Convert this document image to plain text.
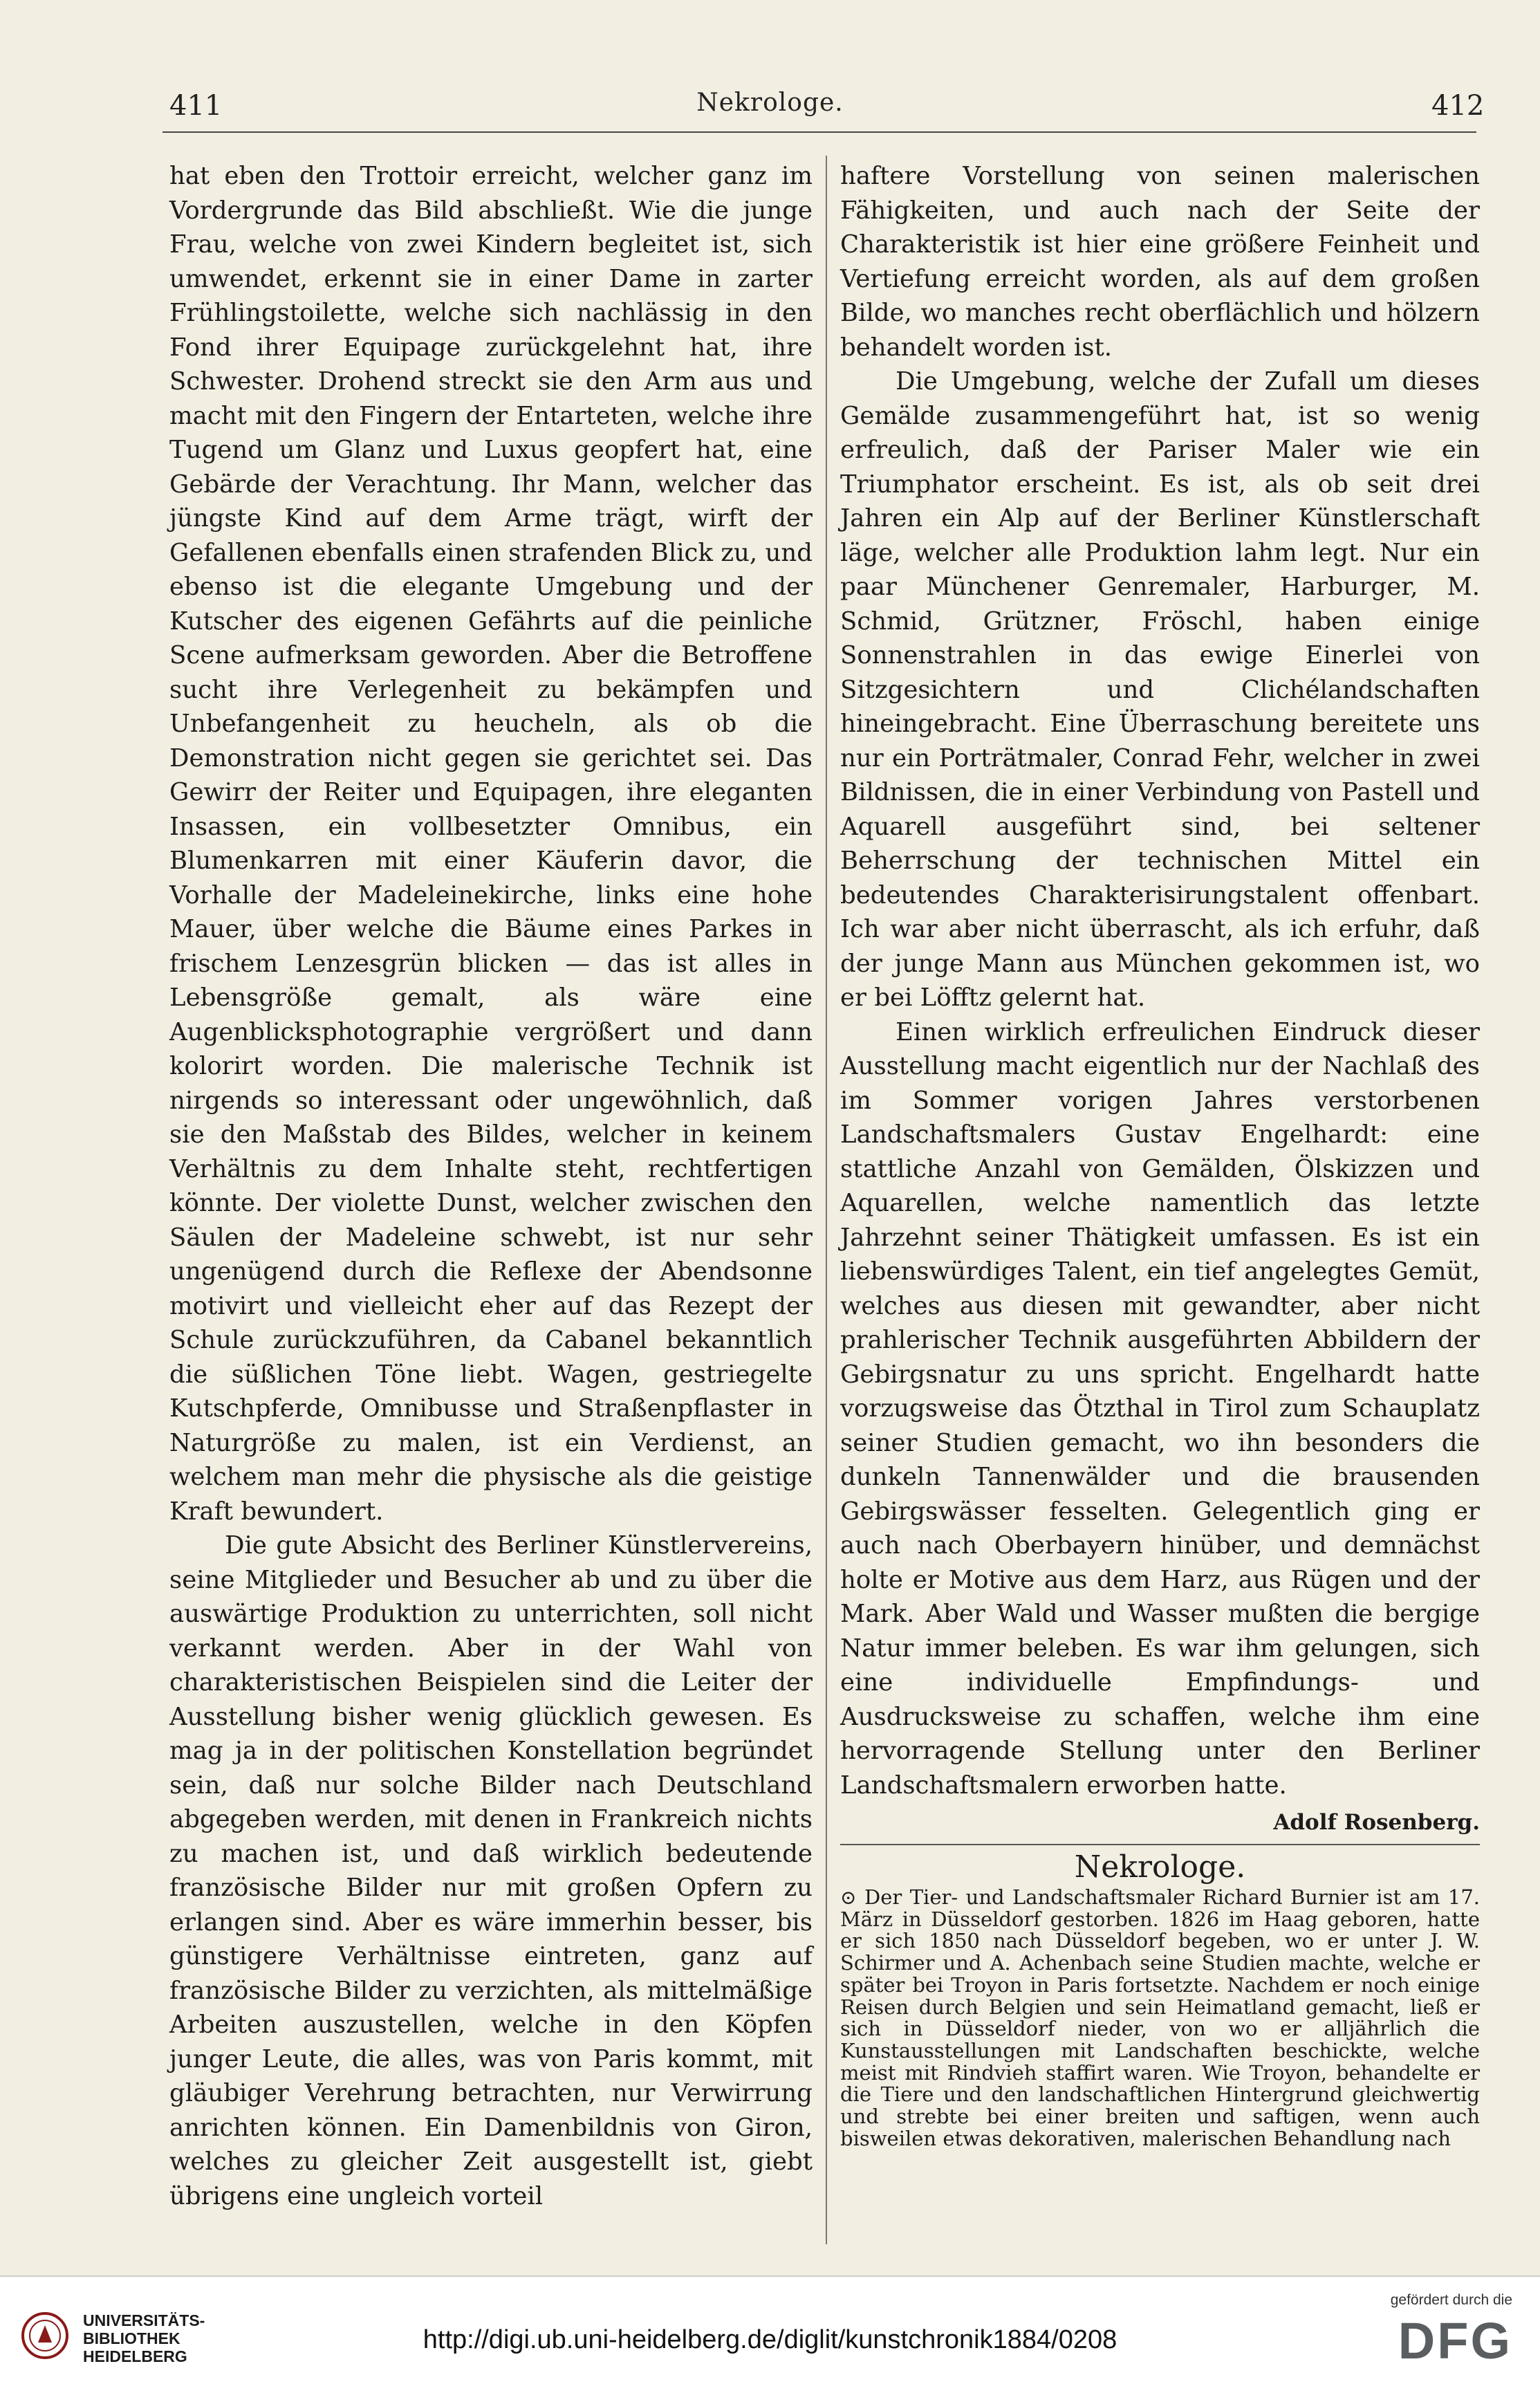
411	Nekrologe.	412

hat eben den Trottoir erreicht, welcher ganz im Vordergrunde das Bild abschließt. Wie die junge Frau, welche von zwei Kindern begleitet ist, sich umwendet, erkennt sie in einer Dame in zarter Frühlingstoilette, welche sich nachlässig in den Fond ihrer Equipage zurückgelehnt hat, ihre Schwester. Drohend streckt sie den Arm aus und macht mit den Fingern der Entarteten, welche ihre Tugend um Glanz und Luxus geopfert hat, eine Gebärde der Verachtung. Ihr Mann, welcher das jüngste Kind auf dem Arme trägt, wirft der Gefallenen ebenfalls einen strafenden Blick zu, und ebenso ist die elegante Umgebung und der Kutscher des eigenen Gefährts auf die peinliche Scene aufmerksam geworden. Aber die Betroffene sucht ihre Verlegenheit zu bekämpfen und Unbefangenheit zu heucheln, als ob die Demonstration nicht gegen sie gerichtet sei. Das Gewirr der Reiter und Equipagen, ihre eleganten Insassen, ein vollbesetzter Omnibus, ein Blumenkarren mit einer Käuferin davor, die Vorhalle der Madeleinekirche, links eine hohe Mauer, über welche die Bäume eines Parkes in frischem Lenzesgrün blicken — das ist alles in Lebensgröße gemalt, als wäre eine Augenblicksphotographie vergrößert und dann kolorirt worden. Die malerische Technik ist nirgends so interessant oder ungewöhnlich, daß sie den Maßstab des Bildes, welcher in keinem Verhältnis zu dem Inhalte steht, rechtfertigen könnte. Der violette Dunst, welcher zwischen den Säulen der Madeleine schwebt, ist nur sehr ungenügend durch die Reflexe der Abendsonne motivirt und vielleicht eher auf das Rezept der Schule zurückzuführen, da Cabanel bekanntlich die süßlichen Töne liebt. Wagen, gestriegelte Kutschpferde, Omnibusse und Straßenpflaster in Naturgröße zu malen, ist ein Verdienst, an welchem man mehr die physische als die geistige Kraft bewundert.

Die gute Absicht des Berliner Künstlervereins, seine Mitglieder und Besucher ab und zu über die auswärtige Produktion zu unterrichten, soll nicht verkannt werden. Aber in der Wahl von charakteristischen Beispielen sind die Leiter der Ausstellung bisher wenig glücklich gewesen. Es mag ja in der politischen Konstellation begründet sein, daß nur solche Bilder nach Deutschland abgegeben werden, mit denen in Frankreich nichts zu machen ist, und daß wirklich bedeutende französische Bilder nur mit großen Opfern zu erlangen sind. Aber es wäre immerhin besser, bis günstigere Verhältnisse eintreten, ganz auf französische Bilder zu verzichten, als mittelmäßige Arbeiten auszustellen, welche in den Köpfen junger Leute, die alles, was von Paris kommt, mit gläubiger Verehrung betrachten, nur Verwirrung anrichten können. Ein Damenbildnis von Giron, welches zu gleicher Zeit ausgestellt ist, giebt übrigens eine ungleich vorteil

haftere Vorstellung von seinen malerischen Fähigkeiten, und auch nach der Seite der Charakteristik ist hier eine größere Feinheit und Vertiefung erreicht worden, als auf dem großen Bilde, wo manches recht oberflächlich und hölzern behandelt worden ist.

Die Umgebung, welche der Zufall um dieses Gemälde zusammengeführt hat, ist so wenig erfreulich, daß der Pariser Maler wie ein Triumphator erscheint. Es ist, als ob seit drei Jahren ein Alp auf der Berliner Künstlerschaft läge, welcher alle Produktion lahm legt. Nur ein paar Münchener Genremaler, Harburger, M. Schmid, Grützner, Fröschl, haben einige Sonnenstrahlen in das ewige Einerlei von Sitzgesichtern und Clichélandschaften hineingebracht. Eine Überraschung bereitete uns nur ein Porträtmaler, Conrad Fehr, welcher in zwei Bildnissen, die in einer Verbindung von Pastell und Aquarell ausgeführt sind, bei seltener Beherrschung der technischen Mittel ein bedeutendes Charakterisirungstalent offenbart. Ich war aber nicht überrascht, als ich erfuhr, daß der junge Mann aus München gekommen ist, wo er bei Löfftz gelernt hat.

Einen wirklich erfreulichen Eindruck dieser Ausstellung macht eigentlich nur der Nachlaß des im Sommer vorigen Jahres verstorbenen Landschaftsmalers Gustav Engelhardt: eine stattliche Anzahl von Gemälden, Ölskizzen und Aquarellen, welche namentlich das letzte Jahrzehnt seiner Thätigkeit umfassen. Es ist ein liebenswürdiges Talent, ein tief angelegtes Gemüt, welches aus diesen mit gewandter, aber nicht prahlerischer Technik ausgeführten Abbildern der Gebirgsnatur zu uns spricht. Engelhardt hatte vorzugsweise das Ötzthal in Tirol zum Schauplatz seiner Studien gemacht, wo ihn besonders die dunkeln Tannenwälder und die brausenden Gebirgswässer fesselten. Gelegentlich ging er auch nach Oberbayern hinüber, und demnächst holte er Motive aus dem Harz, aus Rügen und der Mark. Aber Wald und Wasser mußten die bergige Natur immer beleben. Es war ihm gelungen, sich eine individuelle Empfindungs- und Ausdrucksweise zu schaffen, welche ihm eine hervorragende Stellung unter den Berliner Landschaftsmalern erworben hatte.

Adolf Rosenberg.
Nekrologe.

⊙ Der Tier- und Landschaftsmaler Richard Burnier ist am 17. März in Düsseldorf gestorben. 1826 im Haag geboren, hatte er sich 1850 nach Düsseldorf begeben, wo er unter J. W. Schirmer und A. Achenbach seine Studien machte, welche er später bei Troyon in Paris fortsetzte. Nachdem er noch einige Reisen durch Belgien und sein Heimatland gemacht, ließ er sich in Düsseldorf nieder, von wo er alljährlich die Kunstausstellungen mit Landschaften beschickte, welche meist mit Rindvieh staffirt waren. Wie Troyon, behandelte er die Tiere und den landschaftlichen Hintergrund gleichwertig und strebte bei einer breiten und saftigen, wenn auch bisweilen etwas dekorativen, malerischen Behandlung nach

UNIVERSITÄTS-
BIBLIOTHEK
HEIDELBERG
http://digi.ub.uni-heidelberg.de/diglit/kunstchronik1884/0208
gefördert durch die
DFG
